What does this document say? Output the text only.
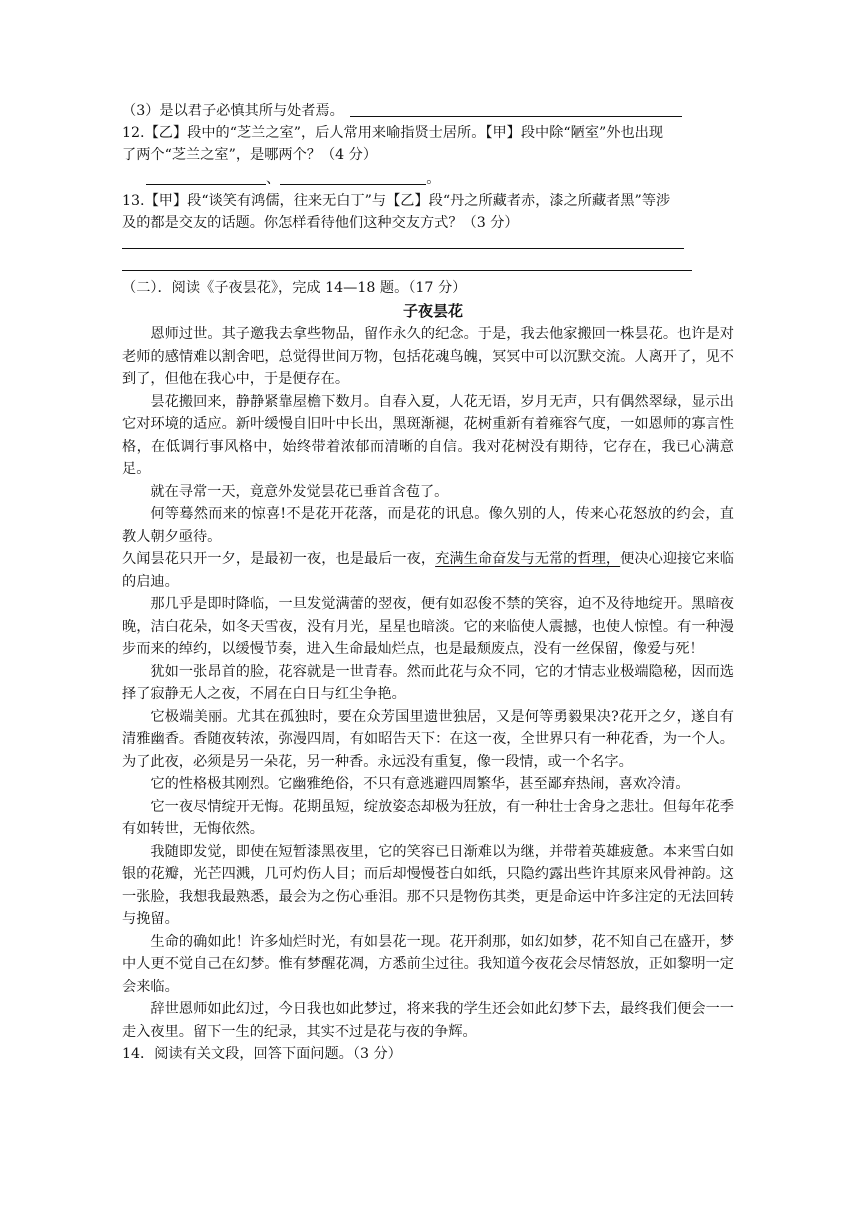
（3）是以君子必慎其所与处者焉。
12.【乙】段中的“芝兰之室”，后人常用来喻指贤士居所。【甲】段中除“陋室”外也出现
了两个“芝兰之室”，是哪两个？（4 分）
、	。
13.【甲】段“谈笑有鸿儒，往来无白丁”与【乙】段“丹之所藏者赤，漆之所藏者黑”等涉
及的都是交友的话题。你怎样看待他们这种交友方式？（3 分）
（二）．阅读《子夜昙花》，完成 14—18 题。（17 分）
子夜昙花

恩师过世。其子邀我去拿些物品，留作永久的纪念。于是，我去他家搬回一株昙花。也许是对老师的感情难以割舍吧，总觉得世间万物，包括花魂鸟魄，冥冥中可以沉默交流。人离开了，见不到了，但他在我心中，于是便存在。

昙花搬回来，静静紧靠屋檐下数月。自春入夏，人花无语，岁月无声，只有偶然翠绿，显示出它对环境的适应。新叶缓慢自旧叶中长出，黑斑渐褪，花树重新有着雍容气度，一如恩师的寡言性格，在低调行事风格中，始终带着浓郁而清晰的自信。我对花树没有期待，它存在，我已心满意足。

就在寻常一天，竟意外发觉昙花已垂首含苞了。

何等蓦然而来的惊喜!不是花开花落，而是花的讯息。像久别的人，传来心花怒放的约会，直教人朝夕亟待。

久闻昙花只开一夕，是最初一夜，也是最后一夜，充满生命奋发与无常的哲理，便决心迎接它来临的启迪。

那几乎是即时降临，一旦发觉满蕾的翌夜，便有如忍俊不禁的笑容，迫不及待地绽开。黑暗夜晚，洁白花朵，如冬天雪夜，没有月光，星星也暗淡。它的来临使人震撼，也使人惊惶。有一种漫步而来的绰约，以缓慢节奏，进入生命最灿烂点，也是最颓废点，没有一丝保留，像爱与死！

犹如一张昂首的脸，花容就是一世青春。然而此花与众不同，它的才情志业极端隐秘，因而选择了寂静无人之夜，不屑在白日与红尘争艳。

它极端美丽。尤其在孤独时，要在众芳国里遗世独居，又是何等勇毅果决?花开之夕，遂自有清雅幽香。香随夜转浓，弥漫四周，有如昭告天下：在这一夜，全世界只有一种花香，为一个人。为了此夜，必须是另一朵花，另一种香。永远没有重复，像一段情，或一个名字。

它的性格极其刚烈。它幽雅绝俗，不只有意逃避四周繁华，甚至鄙弃热闹，喜欢冷清。

它一夜尽情绽开无悔。花期虽短，绽放姿态却极为狂放，有一种壮士舍身之悲壮。但每年花季有如转世，无悔依然。

我随即发觉，即使在短暂漆黑夜里，它的笑容已日渐难以为继，并带着英雄疲惫。本来雪白如银的花瓣，光芒四溅，几可灼伤人目；而后却慢慢苍白如纸，只隐约露出些许其原来风骨神韵。这一张脸，我想我最熟悉，最会为之伤心垂泪。那不只是物伤其类，更是命运中许多注定的无法回转与挽留。

生命的确如此！许多灿烂时光，有如昙花一现。花开刹那，如幻如梦，花不知自己在盛开，梦中人更不觉自己在幻梦。惟有梦醒花凋，方悉前尘过往。我知道今夜花会尽情怒放，正如黎明一定会来临。

辞世恩师如此幻过，今日我也如此梦过，将来我的学生还会如此幻梦下去，最终我们便会一一走入夜里。留下一生的纪录，其实不过是花与夜的争辉。

14．阅读有关文段，回答下面问题。（3 分）
